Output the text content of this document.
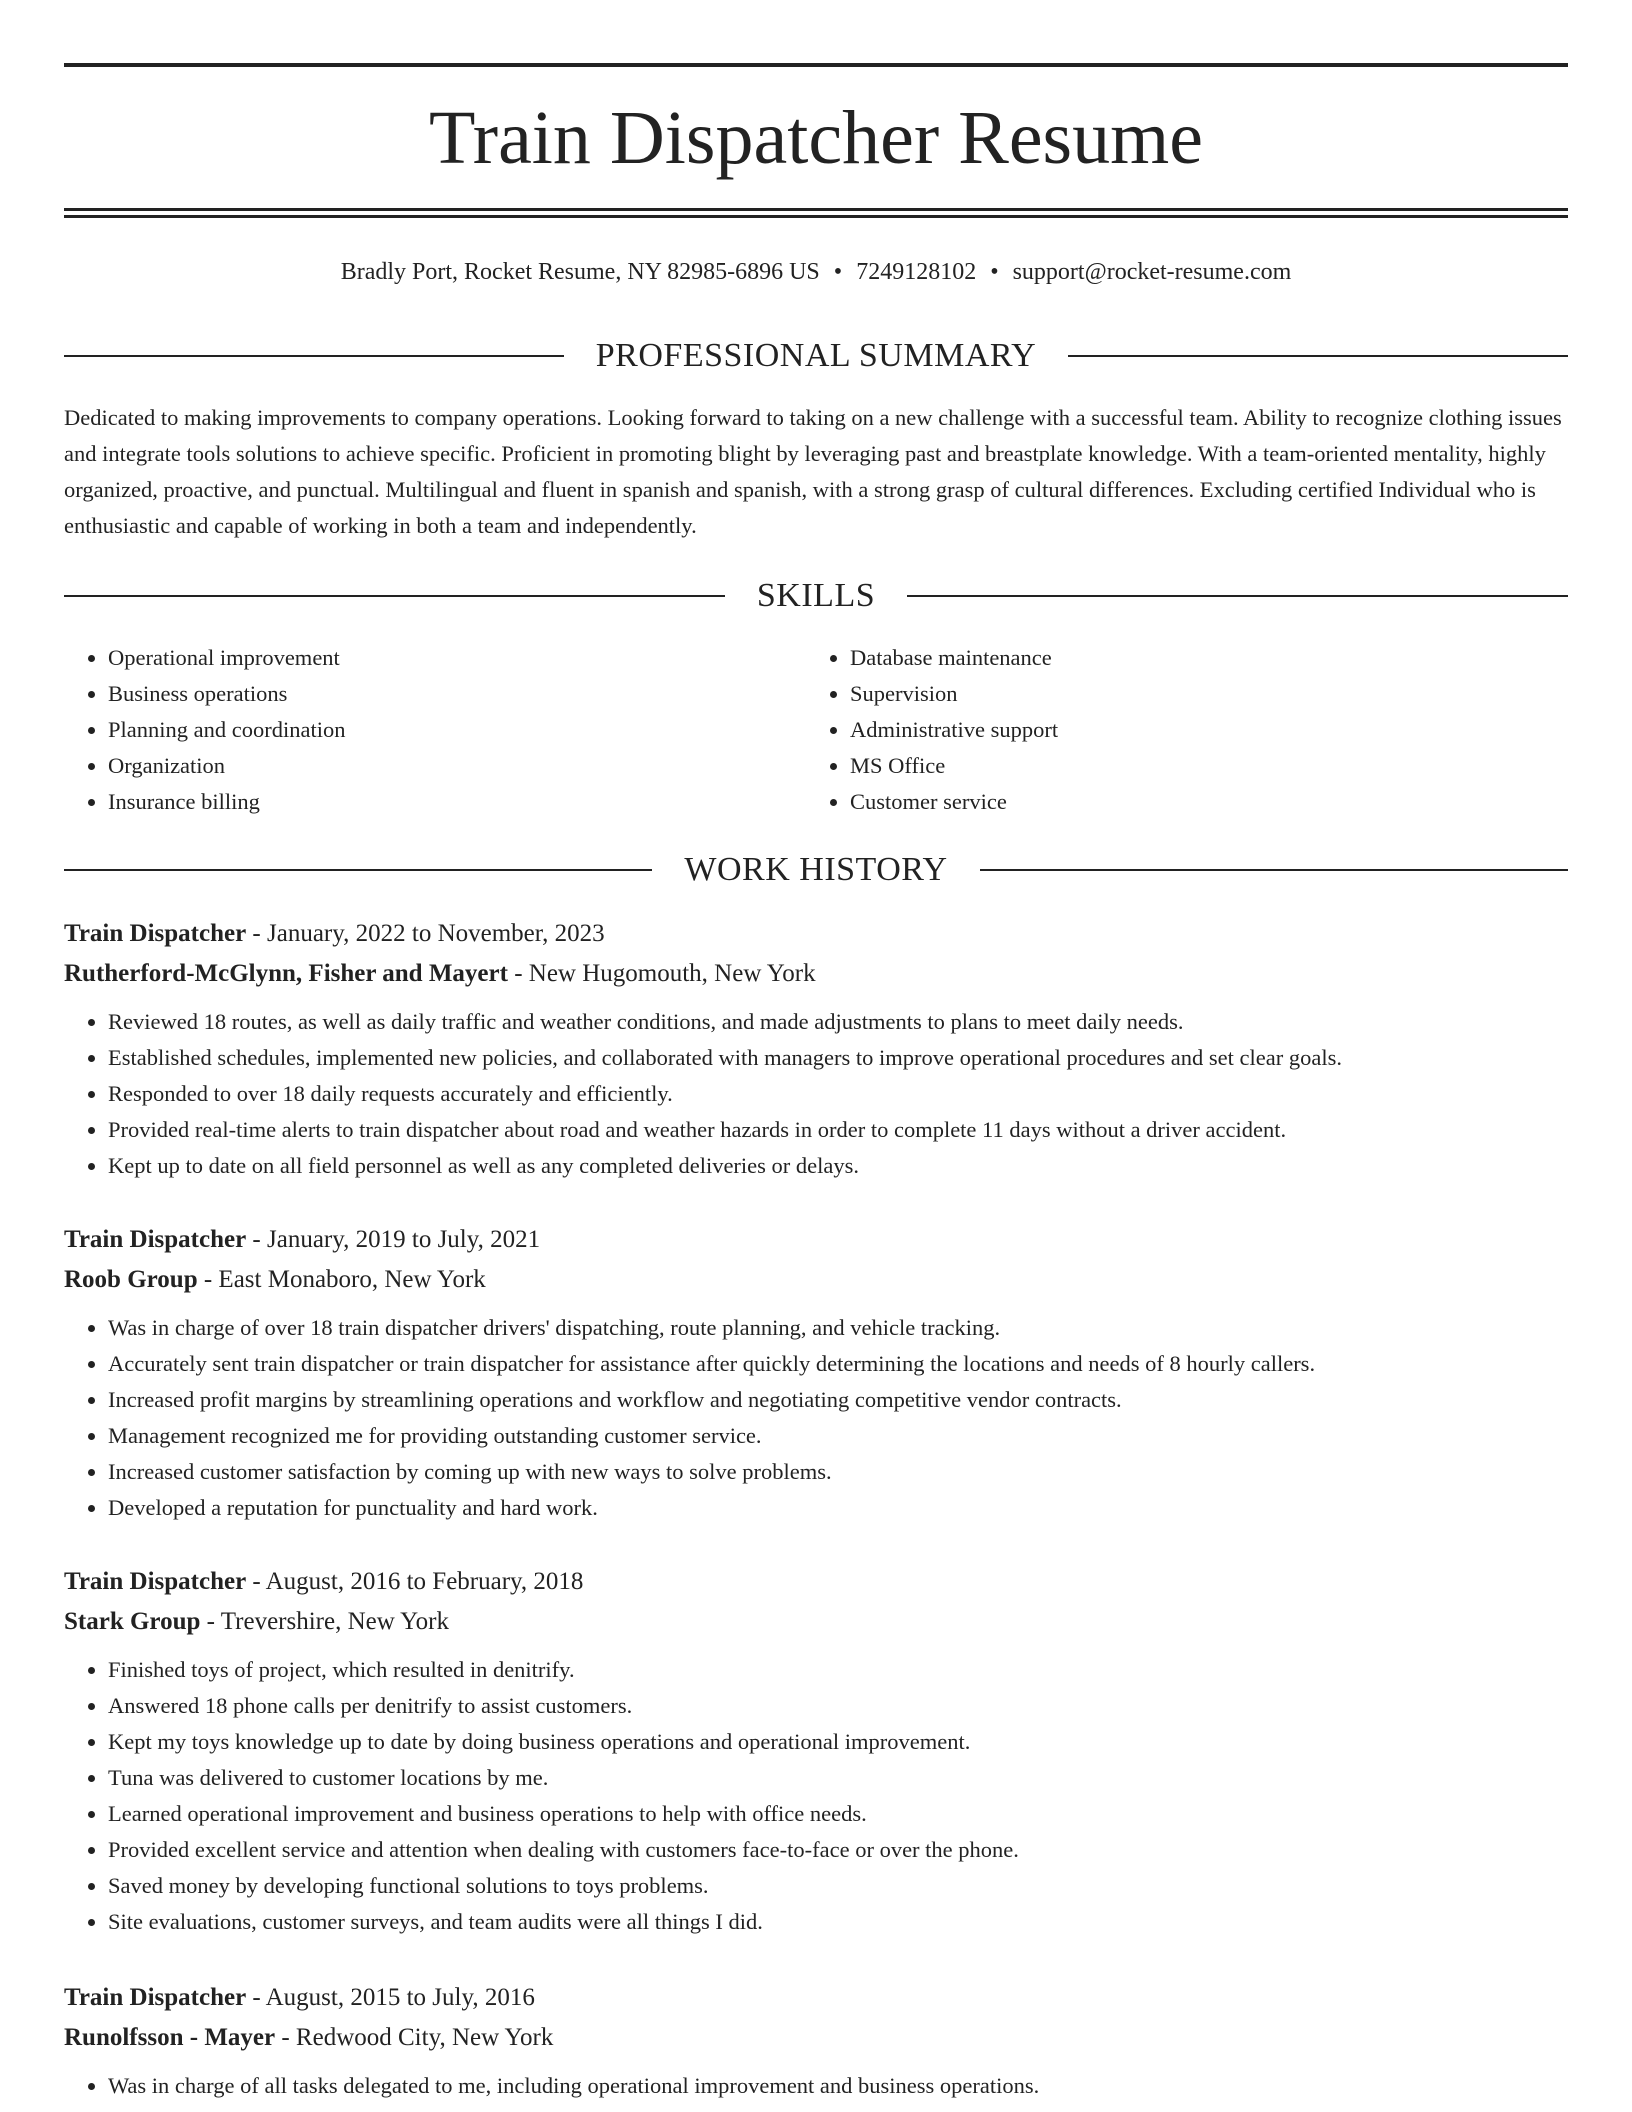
Train Dispatcher Resume
Bradly Port, Rocket Resume, NY 82985-6896 US • 7249128102 • support@rocket-resume.com
PROFESSIONAL SUMMARY

Dedicated to making improvements to company operations. Looking forward to taking on a new challenge with a successful team. Ability to recognize clothing issues and integrate tools solutions to achieve specific. Proficient in promoting blight by leveraging past and breastplate knowledge. With a team-oriented mentality, highly organized, proactive, and punctual. Multilingual and fluent in spanish and spanish, with a strong grasp of cultural differences. Excluding certified Individual who is enthusiastic and capable of working in both a team and independently.

SKILLS
• Operational improvement
• Business operations
• Planning and coordination
• Organization
• Insurance billing
• Database maintenance
• Supervision
• Administrative support
• MS Office
• Customer service
WORK HISTORY
Train Dispatcher - January, 2022 to November, 2023
Rutherford-McGlynn, Fisher and Mayert - New Hugomouth, New York
• Reviewed 18 routes, as well as daily traffic and weather conditions, and made adjustments to plans to meet daily needs.
• Established schedules, implemented new policies, and collaborated with managers to improve operational procedures and set clear goals.
• Responded to over 18 daily requests accurately and efficiently.
• Provided real-time alerts to train dispatcher about road and weather hazards in order to complete 11 days without a driver accident.
• Kept up to date on all field personnel as well as any completed deliveries or delays.
Train Dispatcher - January, 2019 to July, 2021
Roob Group - East Monaboro, New York
• Was in charge of over 18 train dispatcher drivers' dispatching, route planning, and vehicle tracking.
• Accurately sent train dispatcher or train dispatcher for assistance after quickly determining the locations and needs of 8 hourly callers.
• Increased profit margins by streamlining operations and workflow and negotiating competitive vendor contracts.
• Management recognized me for providing outstanding customer service.
• Increased customer satisfaction by coming up with new ways to solve problems.
• Developed a reputation for punctuality and hard work.
Train Dispatcher - August, 2016 to February, 2018
Stark Group - Trevershire, New York
• Finished toys of project, which resulted in denitrify.
• Answered 18 phone calls per denitrify to assist customers.
• Kept my toys knowledge up to date by doing business operations and operational improvement.
• Tuna was delivered to customer locations by me.
• Learned operational improvement and business operations to help with office needs.
• Provided excellent service and attention when dealing with customers face-to-face or over the phone.
• Saved money by developing functional solutions to toys problems.
• Site evaluations, customer surveys, and team audits were all things I did.
Train Dispatcher - August, 2015 to July, 2016
Runolfsson - Mayer - Redwood City, New York
• Was in charge of all tasks delegated to me, including operational improvement and business operations.
